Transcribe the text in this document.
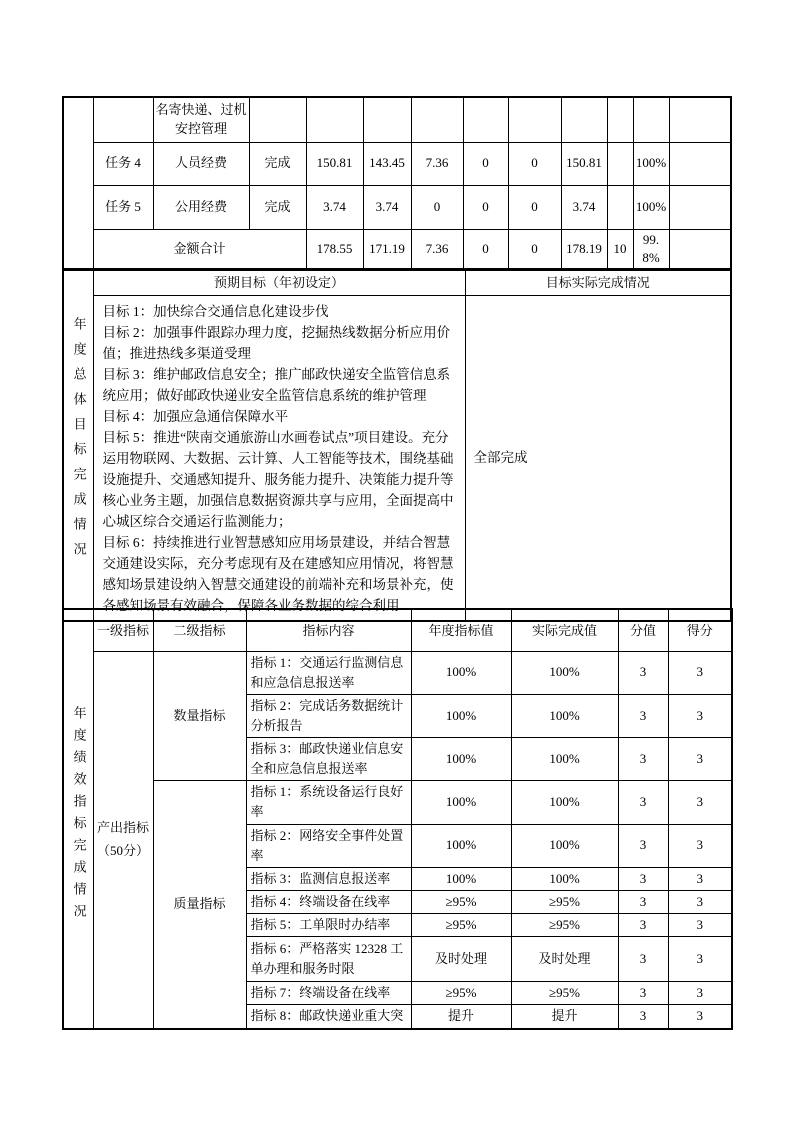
		名寄快递、过机安控管理										
	任务 4	人员经费	完成	150.81	143.45	7.36	0	0	150.81		100%	
	任务 5	公用经费	完成	3.74	3.74	0	0	0	3.74		100%	
	金额合计			178.55	171.19	7.36	0	0	178.19	10	99.8%	
年度总体目标完成情况	预期目标（年初设定）	目标实际完成情况

目标 1：加快综合交通信息化建设步伐
目标 2：加强事件跟踪办理力度，挖掘热线数据分析应用价值；推进热线多渠道受理
目标 3：维护邮政信息安全；推广邮政快递安全监管信息系统应用；做好邮政快递业安全监管信息系统的维护管理
目标 4：加强应急通信保障水平
目标 5：推进“陕南交通旅游山水画卷试点”项目建设。充分运用物联网、大数据、云计算、人工智能等技术，围绕基础设施提升、交通感知提升、服务能力提升、决策能力提升等核心业务主题，加强信息数据资源共享与应用，全面提高中心城区综合交通运行监测能力；
目标 6：持续推进行业智慧感知应用场景建设，并结合智慧交通建设实际，充分考虑现有及在建感知应用情况，将智慧感知场景建设纳入智慧交通建设的前端补充和场景补充，使各感知场景有效融合，保障各业务数据的综合利用
	全部完成
年度绩效指标完成情况	一级指标	二级指标	指标内容	年度指标值	实际完成值	分值	得分
	产出指标（50分）	数量指标	指标 1：交通运行监测信息和应急信息报送率	100%	100%	3	3
			指标 2：完成话务数据统计分析报告	100%	100%	3	3
			指标 3：邮政快递业信息安全和应急信息报送率	100%	100%	3	3
		质量指标	指标 1：系统设备运行良好率	100%	100%	3	3
			指标 2：网络安全事件处置率	100%	100%	3	3
			指标 3：监测信息报送率	100%	100%	3	3
			指标 4：终端设备在线率	≥95%	≥95%	3	3
			指标 5：工单限时办结率	≥95%	≥95%	3	3
			指标 6：严格落实 12328 工单办理和服务时限	及时处理	及时处理	3	3
			指标 7：终端设备在线率	≥95%	≥95%	3	3
			指标 8：邮政快递业重大突	提升	提升	3	3
